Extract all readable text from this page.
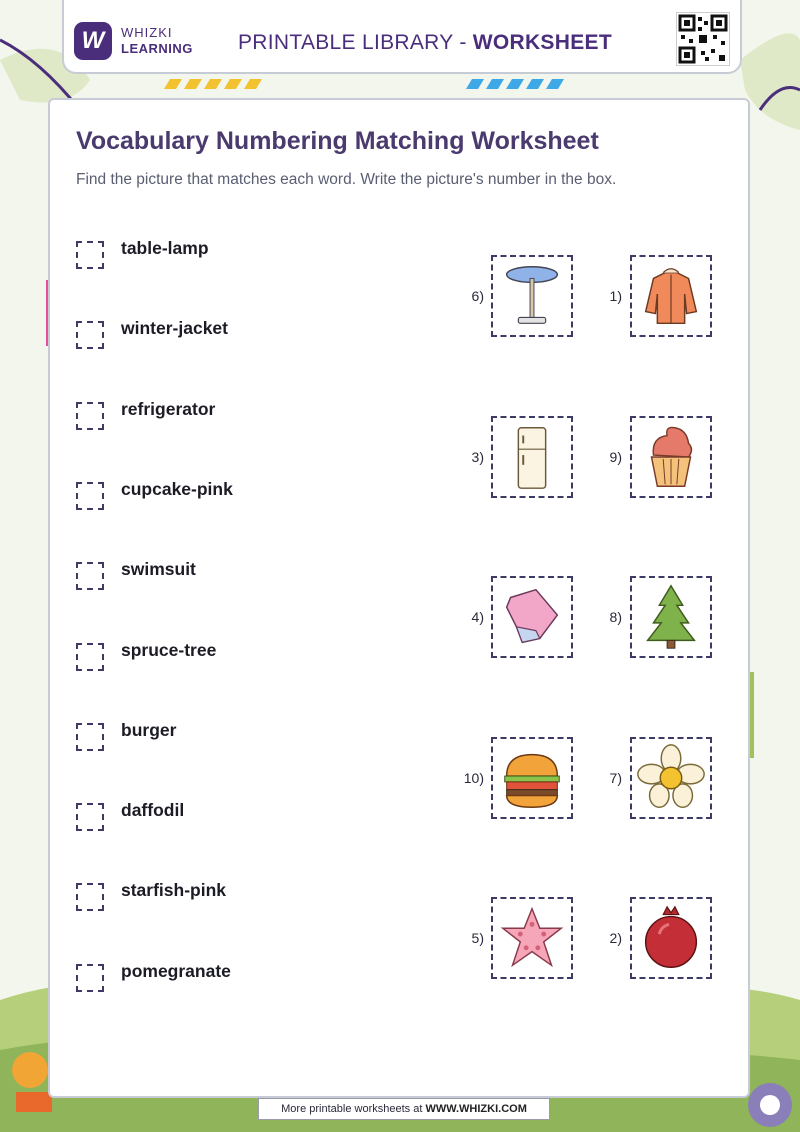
W	WHIZKI
LEARNING PRINTABLE LIBRARY - WORKSHEET
Vocabulary Numbering Matching Worksheet
Find the picture that matches each word. Write the picture's number in the box.
table-lamp
winter-jacket
refrigerator
cupcake-pink
swimsuit
spruce-tree
burger
daffodil
starfish-pink
pomegranate
6)	1)
3)	9)
4)	8)
10)	7)
5)	2)
More printable worksheets at WWW.WHIZKI.COM
